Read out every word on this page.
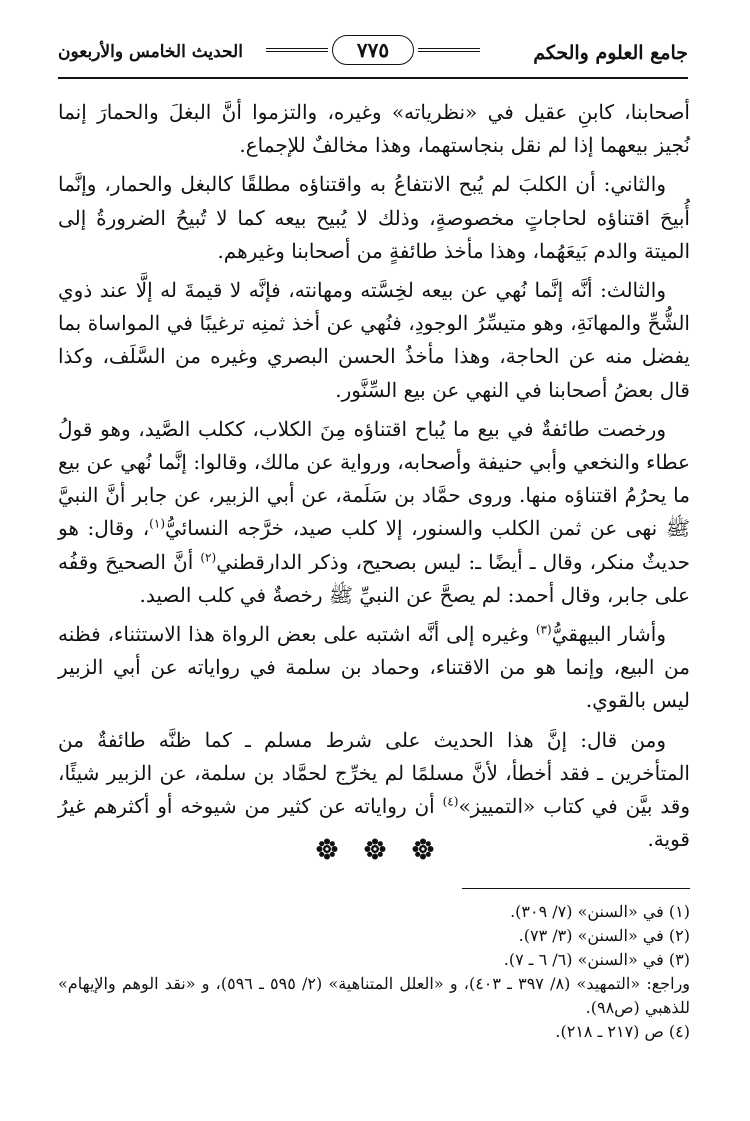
جامع العلوم والحكم
٧٧٥
الحديث الخامس والأربعون

أصحابنا، كابنِ عقيل في «نظرياته» وغيره، والتزموا أنَّ البغلَ والحمارَ إنما نُجيز بيعهما إذا لم نقل بنجاستهما، وهذا مخالفٌ للإجماع.

والثاني: أن الكلبَ لم يُبح الانتفاعُ به واقتناؤه مطلقًا كالبغل والحمار، وإنَّما أُبيحَ اقتناؤه لحاجاتٍ مخصوصةٍ، وذلك لا يُبيح بيعه كما لا تُبيحُ الضرورةُ إلى الميتة والدم بَيعَهُما، وهذا مأخذ طائفةٍ من أصحابنا وغيرهم.

والثالث: أنَّه إنَّما نُهي عن بيعه لخِسَّته ومهانته، فإنَّه لا قيمةَ له إلَّا عند ذوي الشُّحِّ والمهانَةِ، وهو متيسِّرُ الوجودِ، فنُهي عن أخذ ثمنِه ترغيبًا في المواساة بما يفضل منه عن الحاجة، وهذا مأخذُ الحسن البصري وغيره من السَّلَف، وكذا قال بعضُ أصحابنا في النهي عن بيع السِّنَّور.

ورخصت طائفةٌ في بيع ما يُباح اقتناؤه مِنَ الكلاب، ككلب الصَّيد، وهو قولُ عطاء والنخعي وأبي حنيفة وأصحابه، ورواية عن مالك، وقالوا: إنَّما نُهي عن بيع ما يحرُمُ اقتناؤه منها. وروى حمَّاد بن سَلَمة، عن أبي الزبير، عن جابر أنَّ النبيَّ ﷺ نهى عن ثمن الكلب والسنور، إلا كلب صيد، خرَّجه النسائيُّ$^{(١)}$، وقال: هو حديثٌ منكر، وقال ـ أيضًا ـ: ليس بصحيح، وذكر الدارقطني$^{(٢)}$ أنَّ الصحيحَ وقفُه على جابر، وقال أحمد: لم يصحَّ عن النبيِّ ﷺ رخصةٌ في كلب الصيد.

وأشار البيهقيُّ$^{(٣)}$ وغيره إلى أنَّه اشتبه على بعض الرواة هذا الاستثناء، فظنه من البيع، وإنما هو من الاقتناء، وحماد بن سلمة في رواياته عن أبي الزبير ليس بالقوي.

ومن قال: إنَّ هذا الحديث على شرط مسلم ـ كما ظنَّه طائفةٌ من المتأخرين ـ فقد أخطأ، لأنَّ مسلمًا لم يخرِّج لحمَّاد بن سلمة، عن الزبير شيئًا، وقد بيَّن في كتاب «التمييز»$^{(٤)}$ أن رواياته عن كثير من شيوخه أو أكثرهم غيرُ قوية.

(١) في «السنن» (٧/ ٣٠٩).
(٢) في «السنن» (٣/ ٧٣).
(٣) في «السنن» (٦/ ٦ ـ ٧).
وراجع: «التمهيد» (٨/ ٣٩٧ ـ ٤٠٣)، و «العلل المتناهية» (٢/ ٥٩٥ ـ ٥٩٦)، و «نقد الوهم والإيهام» للذهبي (ص٩٨).
(٤) ص (٢١٧ ـ ٢١٨).
